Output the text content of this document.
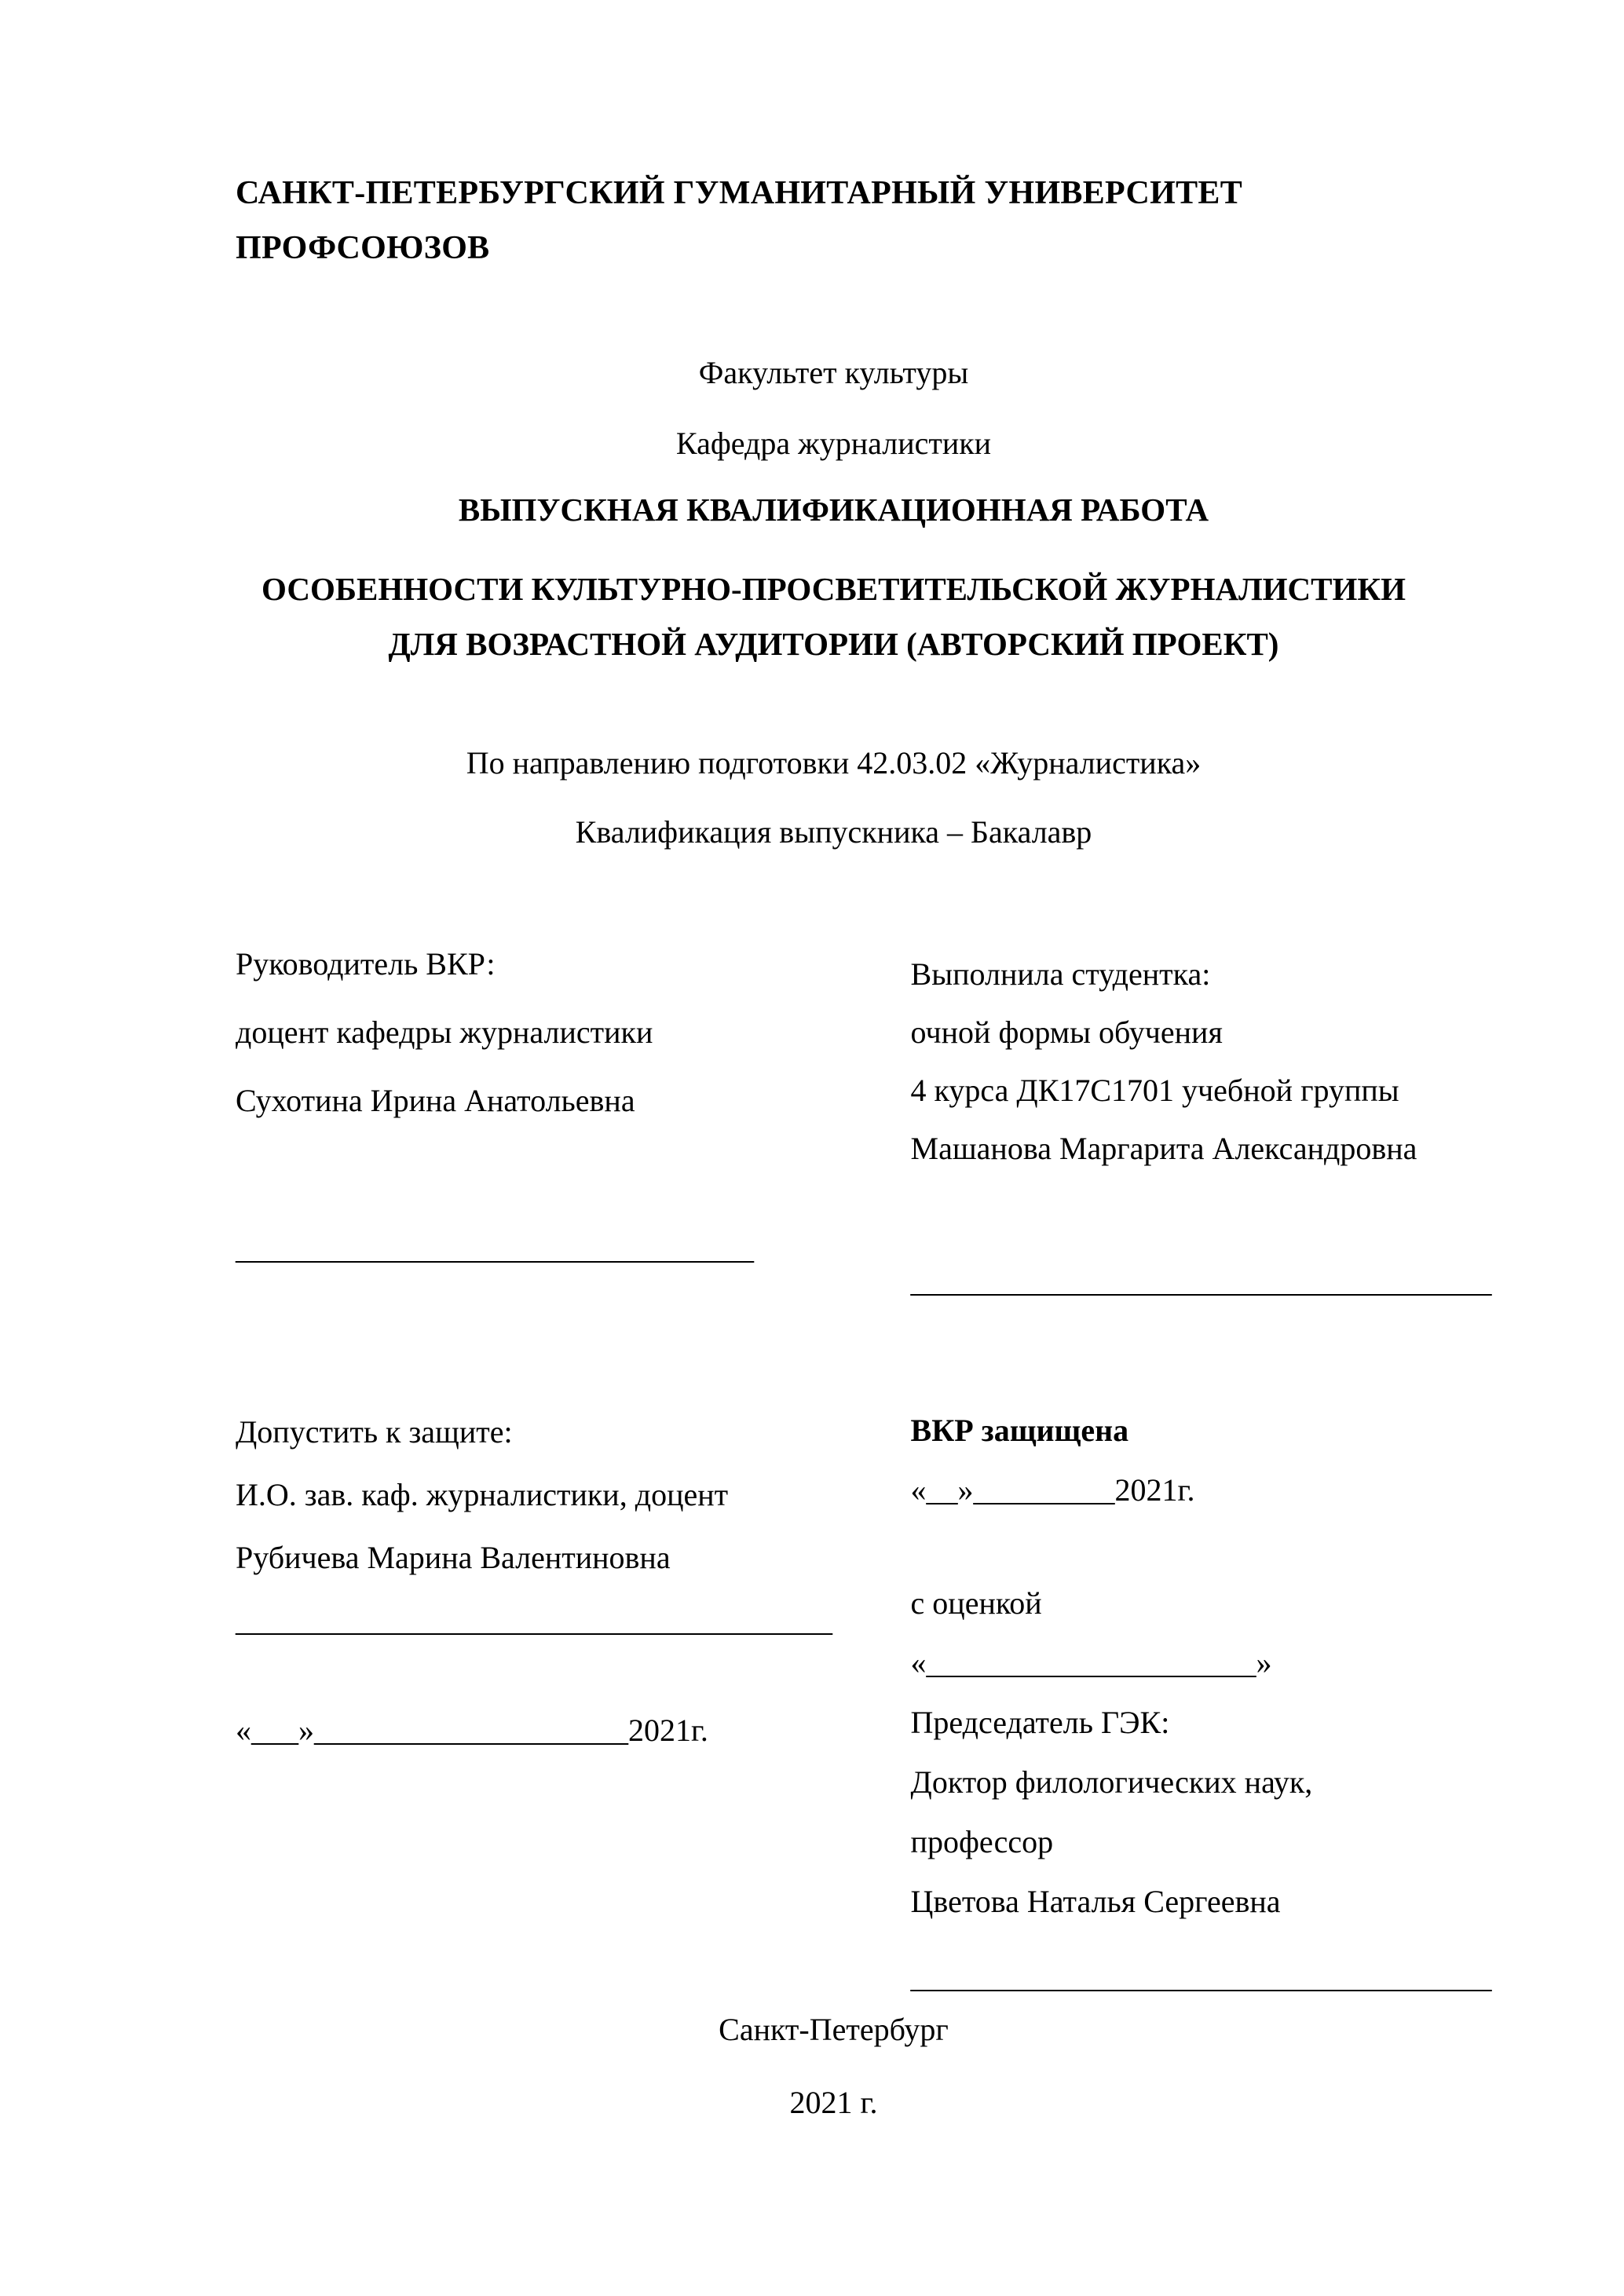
САНКТ-ПЕТЕРБУРГСКИЙ ГУМАНИТАРНЫЙ УНИВЕРСИТЕТ ПРОФСОЮЗОВ

Факультет культуры

Кафедра журналистики

ВЫПУСКНАЯ КВАЛИФИКАЦИОННАЯ РАБОТА

ОСОБЕННОСТИ КУЛЬТУРНО-ПРОСВЕТИТЕЛЬСКОЙ ЖУРНАЛИСТИКИ ДЛЯ ВОЗРАСТНОЙ АУДИТОРИИ (АВТОРСКИЙ ПРОЕКТ)

По направлению подготовки 42.03.02 «Журналистика»

Квалификация выпускника – Бакалавр

Руководитель ВКР:

доцент кафедры журналистики

Сухотина Ирина Анатольевна

_________________________________

Выполнила студентка:

очной формы обучения

4 курса ДК17С1701 учебной группы

Машанова Маргарита Александровна

_____________________________________

Допустить к защите:

И.О. зав. каф. журналистики, доцент

Рубичева Марина Валентиновна

______________________________________

«___»____________________2021г.

ВКР защищена

«__»_________2021г.

с оценкой

«_____________________»

Председатель ГЭК:

Доктор филологических наук, профессор

Цветова Наталья Сергеевна

_____________________________________

Санкт-Петербург

2021 г.
